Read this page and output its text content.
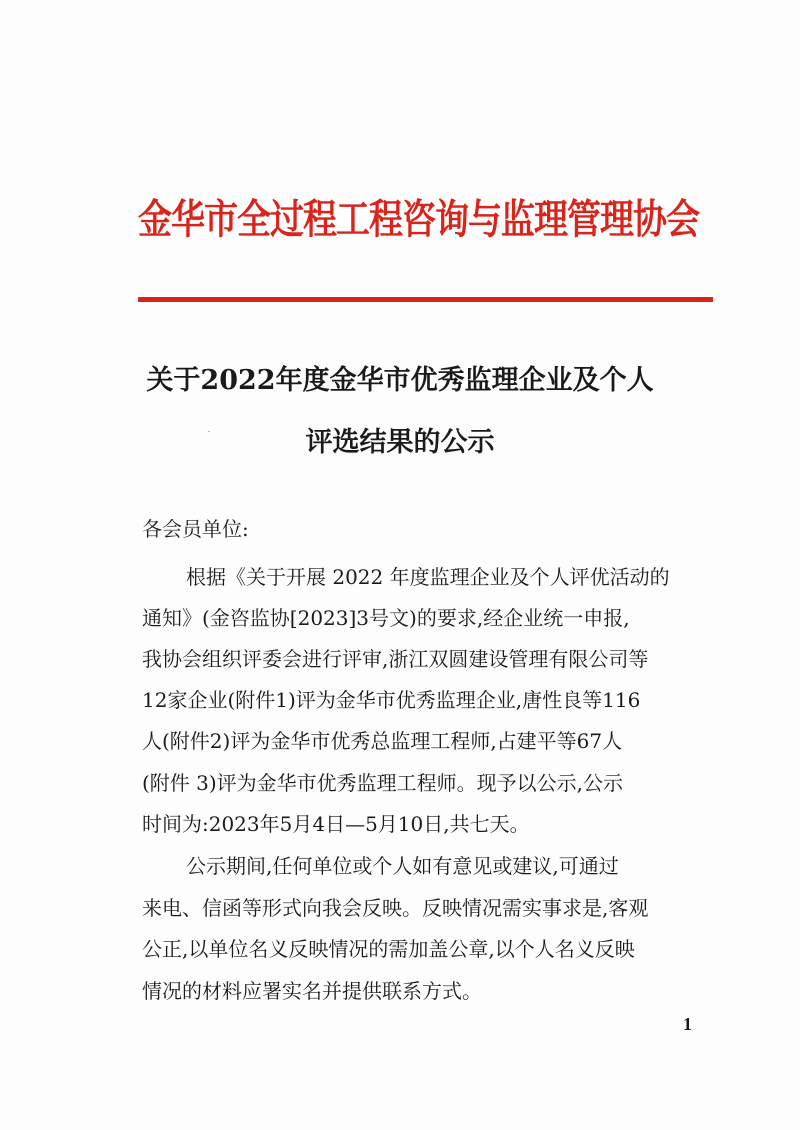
金华市全过程工程咨询与监理管理协会
关于2022年度金华市优秀监理企业及个人
评选结果的公示
各会员单位:
根据《关于开展 2022 年度监理企业及个人评优活动的
通知》(金咨监协[2023]3号文)的要求,经企业统一申报,
我协会组织评委会进行评审,浙江双圆建设管理有限公司等
12家企业(附件1)评为金华市优秀监理企业,唐性良等116
人(附件2)评为金华市优秀总监理工程师,占建平等67人
(附件 3)评为金华市优秀监理工程师。现予以公示,公示
时间为:2023年5月4日—5月10日,共七天。
公示期间,任何单位或个人如有意见或建议,可通过
来电、信函等形式向我会反映。反映情况需实事求是,客观
公正,以单位名义反映情况的需加盖公章,以个人名义反映
情况的材料应署实名并提供联系方式。
1
